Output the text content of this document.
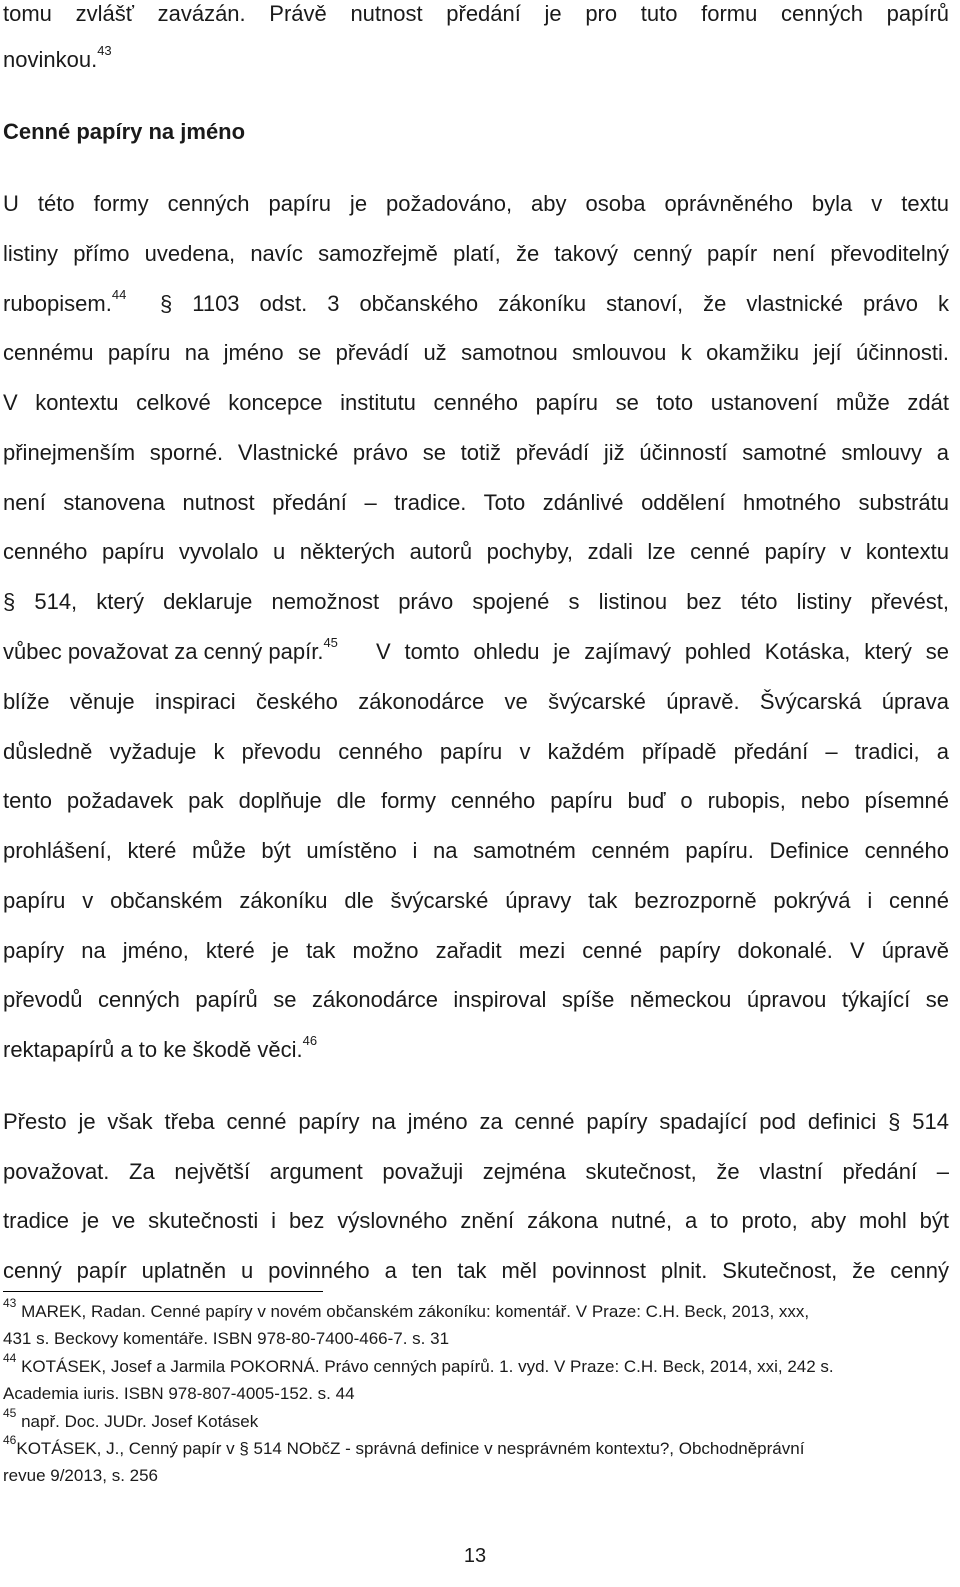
tomu zvlášť zavázán. Právě nutnost předání je pro tuto formu cenných papírů
novinkou.$^{43}$
Cenné papíry na jméno
U této formy cenných papíru je požadováno, aby osoba oprávněného byla v textu
listiny přímo uvedena, navíc samozřejmě platí, že takový cenný papír není převoditelný
rubopisem.$^{44}$	§ 1103 odst. 3 občanského zákoníku stanoví, že vlastnické právo k
cennému papíru na jméno se převádí už samotnou smlouvou k okamžiku její účinnosti.
V kontextu celkové koncepce institutu cenného papíru se toto ustanovení může zdát
přinejmenším sporné. Vlastnické právo se totiž převádí již účinností samotné smlouvy a
není stanovena nutnost předání – tradice. Toto zdánlivé oddělení hmotného substrátu
cenného papíru vyvolalo u některých autorů pochyby, zdali lze cenné papíry v kontextu
§ 514, který deklaruje nemožnost právo spojené s listinou bez této listiny převést,
vůbec považovat za cenný papír.$^{45}$	V tomto ohledu je zajímavý pohled Kotáska, který se
blíže věnuje inspiraci českého zákonodárce ve švýcarské úpravě. Švýcarská úprava
důsledně vyžaduje k převodu cenného papíru v každém případě předání – tradici, a
tento požadavek pak doplňuje dle formy cenného papíru buď o rubopis, nebo písemné
prohlášení, které může být umístěno i na samotném cenném papíru. Definice cenného
papíru v občanském zákoníku dle švýcarské úpravy tak bezrozporně pokrývá i cenné
papíry na jméno, které je tak možno zařadit mezi cenné papíry dokonalé. V úpravě
převodů cenných papírů se zákonodárce inspiroval spíše německou úpravou týkající se
rektapapírů a to ke škodě věci.$^{46}$
Přesto je však třeba cenné papíry na jméno za cenné papíry spadající pod definici § 514
považovat. Za největší argument považuji zejména skutečnost, že vlastní předání –
tradice je ve skutečnosti i bez výslovného znění zákona nutné, a to proto, aby mohl být
cenný papír uplatněn u povinného a ten tak měl povinnost plnit. Skutečnost, že cenný
$^{43}$ MAREK, Radan. Cenné papíry v novém občanském zákoníku: komentář. V Praze: C.H. Beck, 2013, xxx,
431 s. Beckovy komentáře. ISBN 978-80-7400-466-7. s. 31
$^{44}$ KOTÁSEK, Josef a Jarmila POKORNÁ. Právo cenných papírů. 1. vyd. V Praze: C.H. Beck, 2014, xxi, 242 s.
Academia iuris. ISBN 978-807-4005-152. s. 44
$^{45}$ např. Doc. JUDr. Josef Kotásek
$^{46}$KOTÁSEK, J., Cenný papír v § 514 NObčZ - správná definice v nesprávném kontextu?, Obchodněprávní
revue 9/2013, s. 256
13
